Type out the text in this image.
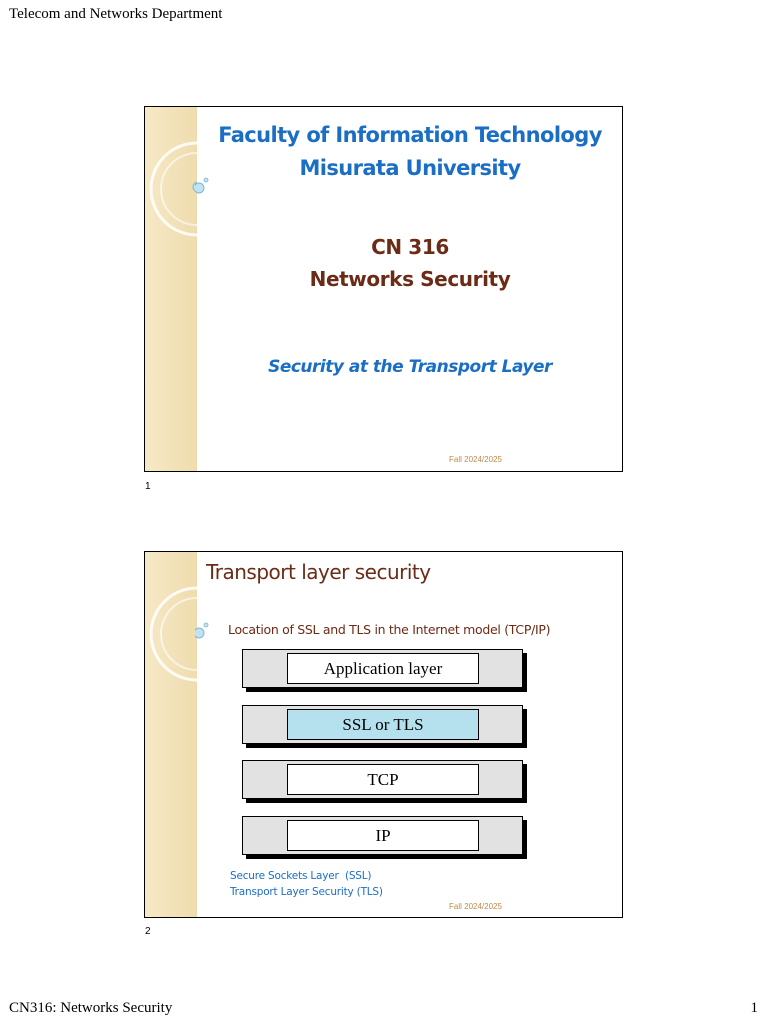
Telecom and Networks Department
Faculty of Information Technology
Misurata University
CN 316
Networks Security
Security at the Transport Layer
Fall 2024/2025
1
Transport layer security
Location of SSL and TLS in the Internet model (TCP/IP)
Application layer
SSL or TLS
TCP
IP
Secure Sockets Layer  (SSL)
Transport Layer Security (TLS)
Fall 2024/2025
2
CN316: Networks Security	1
